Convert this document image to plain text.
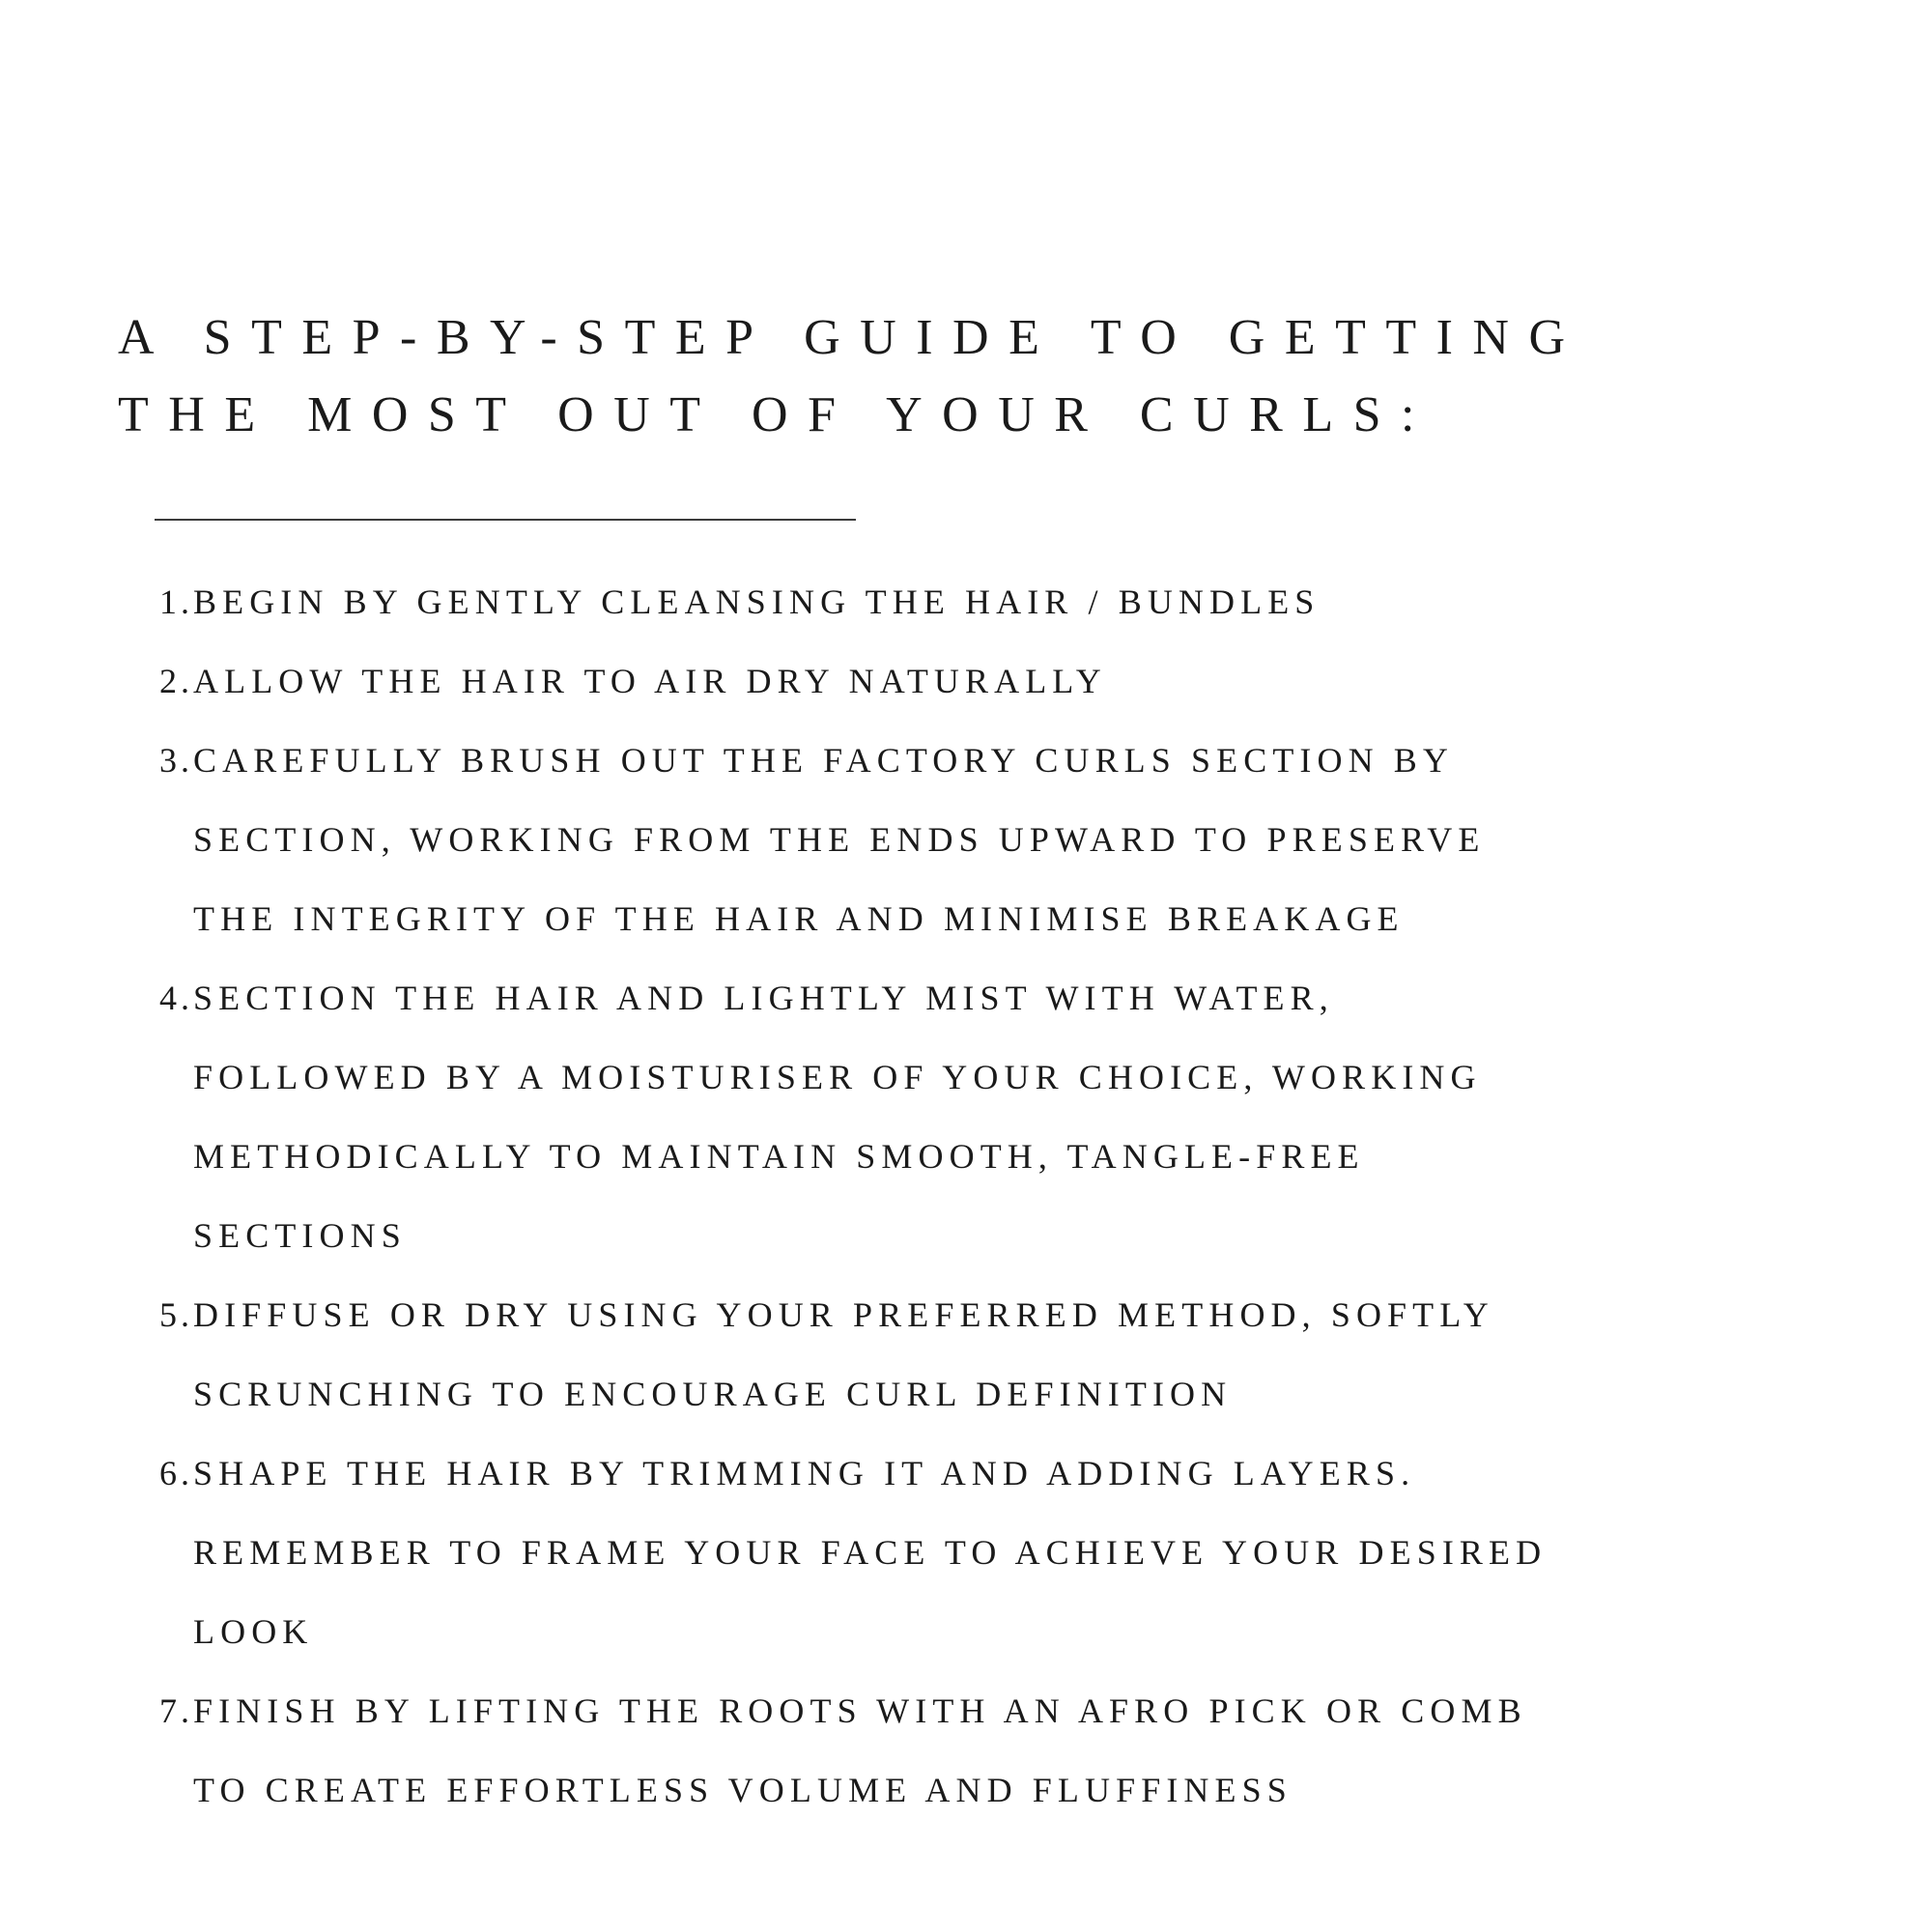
A STEP-BY-STEP GUIDE TO GETTING
THE MOST OUT OF YOUR CURLS:
1. BEGIN BY GENTLY CLEANSING THE HAIR / BUNDLES
2. ALLOW THE HAIR TO AIR DRY NATURALLY
3. CAREFULLY BRUSH OUT THE FACTORY CURLS SECTION BY
SECTION, WORKING FROM THE ENDS UPWARD TO PRESERVE
THE INTEGRITY OF THE HAIR AND MINIMISE BREAKAGE
4. SECTION THE HAIR AND LIGHTLY MIST WITH WATER,
FOLLOWED BY A MOISTURISER OF YOUR CHOICE, WORKING
METHODICALLY TO MAINTAIN SMOOTH, TANGLE-FREE
SECTIONS
5. DIFFUSE OR DRY USING YOUR PREFERRED METHOD, SOFTLY
SCRUNCHING TO ENCOURAGE CURL DEFINITION
6. SHAPE THE HAIR BY TRIMMING IT AND ADDING LAYERS.
REMEMBER TO FRAME YOUR FACE TO ACHIEVE YOUR DESIRED
LOOK
7. FINISH BY LIFTING THE ROOTS WITH AN AFRO PICK OR COMB
TO CREATE EFFORTLESS VOLUME AND FLUFFINESS
